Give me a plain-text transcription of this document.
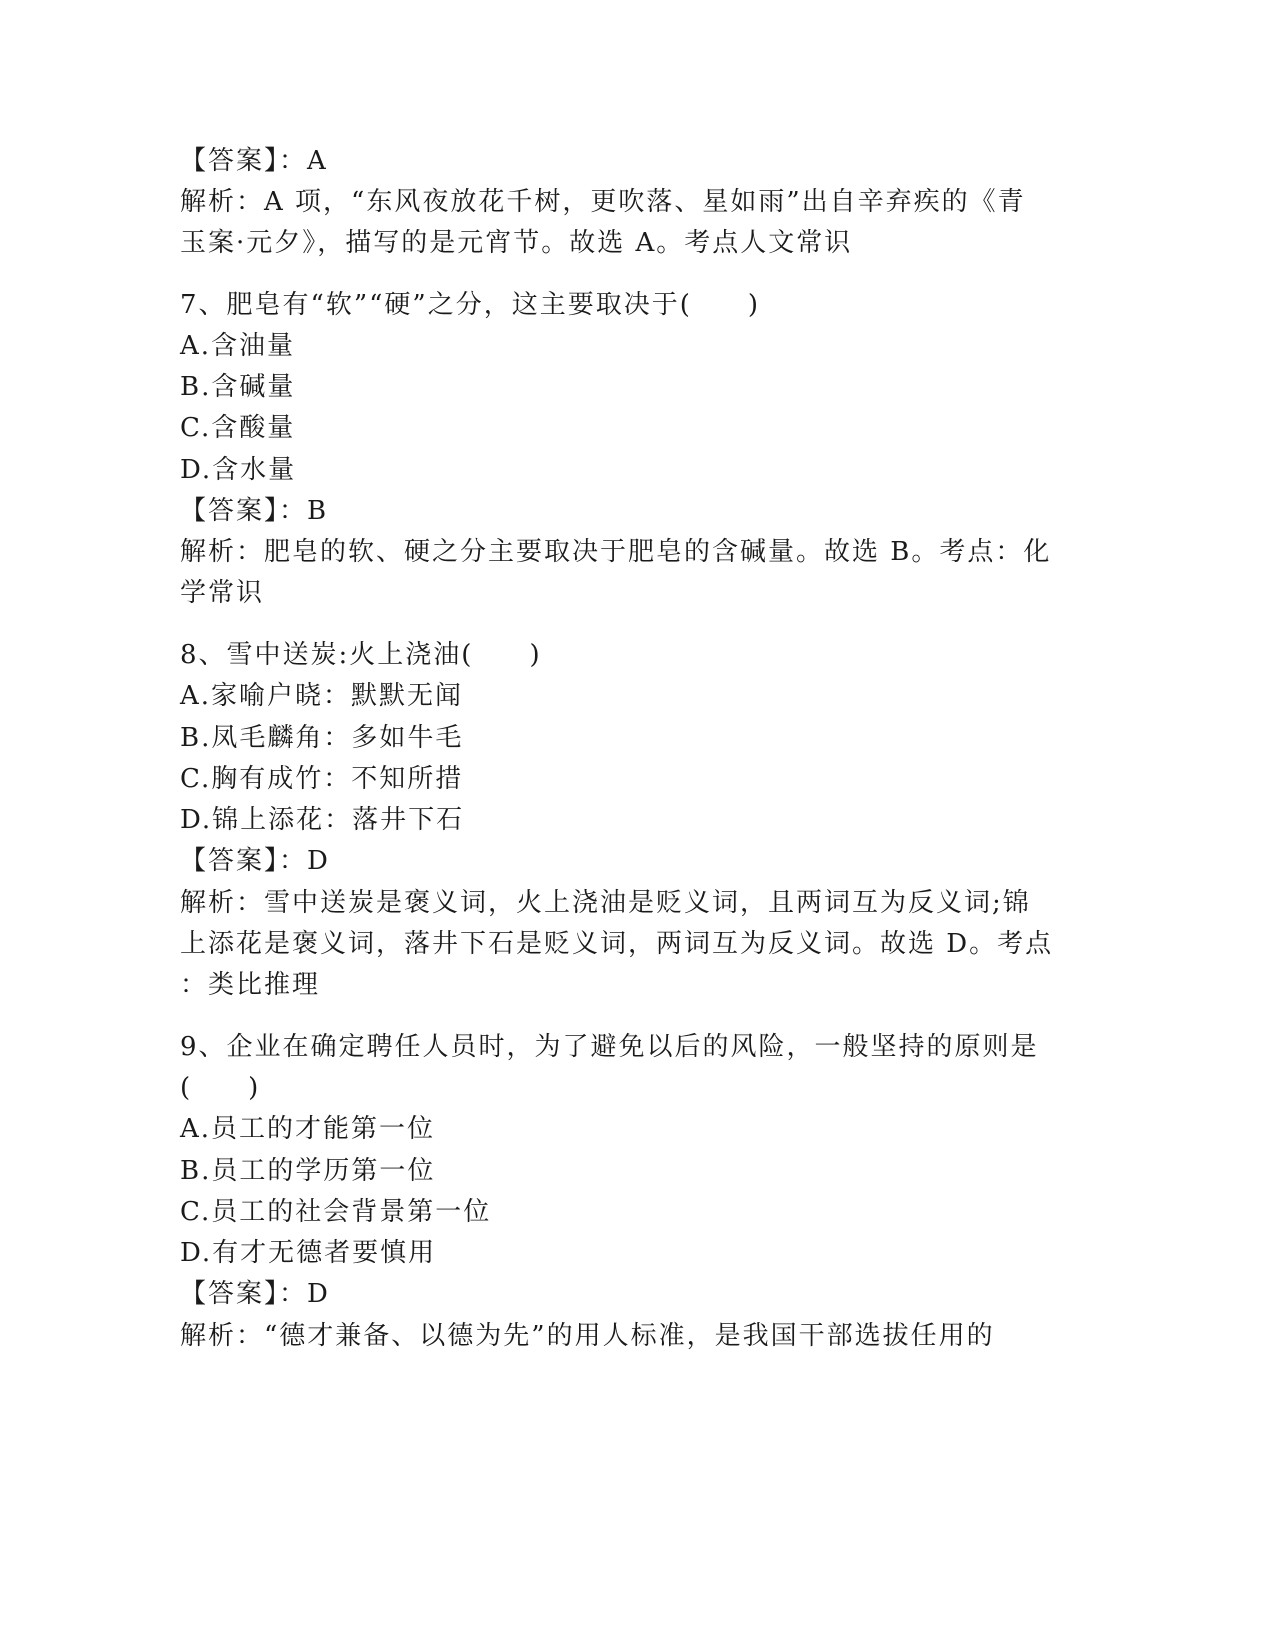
【答案】：A
解析：A 项，“东风夜放花千树，更吹落、星如雨”出自辛弃疾的《青
玉案·元夕》，描写的是元宵节。故选 A。考点人文常识
7、肥皂有“软”“硬”之分，这主要取决于(　　)
A.含油量
B.含碱量
C.含酸量
D.含水量
【答案】：B
解析：肥皂的软、硬之分主要取决于肥皂的含碱量。故选 B。考点：化
学常识
8、雪中送炭:火上浇油(　　)
A.家喻户晓：默默无闻
B.凤毛麟角：多如牛毛
C.胸有成竹：不知所措
D.锦上添花：落井下石
【答案】：D
解析：雪中送炭是褒义词，火上浇油是贬义词，且两词互为反义词;锦
上添花是褒义词，落井下石是贬义词，两词互为反义词。故选 D。考点
：类比推理
9、企业在确定聘任人员时，为了避免以后的风险，一般坚持的原则是
(　　)
A.员工的才能第一位
B.员工的学历第一位
C.员工的社会背景第一位
D.有才无德者要慎用
【答案】：D
解析：“德才兼备、以德为先”的用人标准，是我国干部选拔任用的
